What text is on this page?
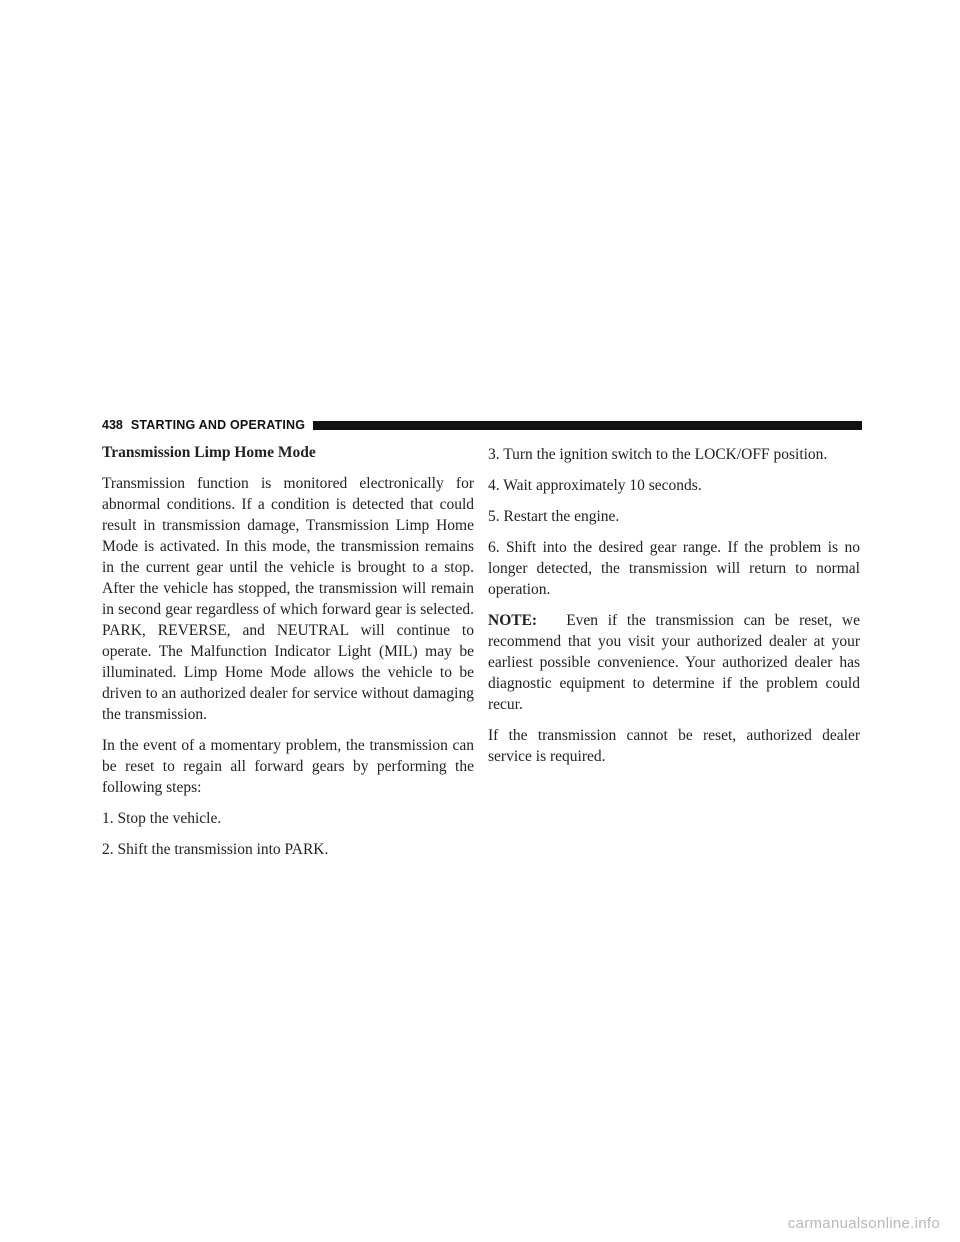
438 STARTING AND OPERATING

Transmission Limp Home Mode

Transmission function is monitored electronically for abnormal conditions. If a condition is detected that could result in transmission damage, Transmission Limp Home Mode is activated. In this mode, the transmission remains in the current gear until the vehicle is brought to a stop. After the vehicle has stopped, the transmission will remain in second gear regardless of which forward gear is selected. PARK, REVERSE, and NEUTRAL will continue to operate. The Malfunction Indicator Light (MIL) may be illuminated. Limp Home Mode allows the vehicle to be driven to an authorized dealer for service without damaging the transmission.

In the event of a momentary problem, the transmission can be reset to regain all forward gears by performing the following steps:

1. Stop the vehicle.

2. Shift the transmission into PARK.

3. Turn the ignition switch to the LOCK/OFF position.

4. Wait approximately 10 seconds.

5. Restart the engine.

6. Shift into the desired gear range. If the problem is no longer detected, the transmission will return to normal operation.

NOTE: Even if the transmission can be reset, we recommend that you visit your authorized dealer at your earliest possible convenience. Your authorized dealer has diagnostic equipment to determine if the problem could recur.

If the transmission cannot be reset, authorized dealer service is required.

carmanualsonline.info
